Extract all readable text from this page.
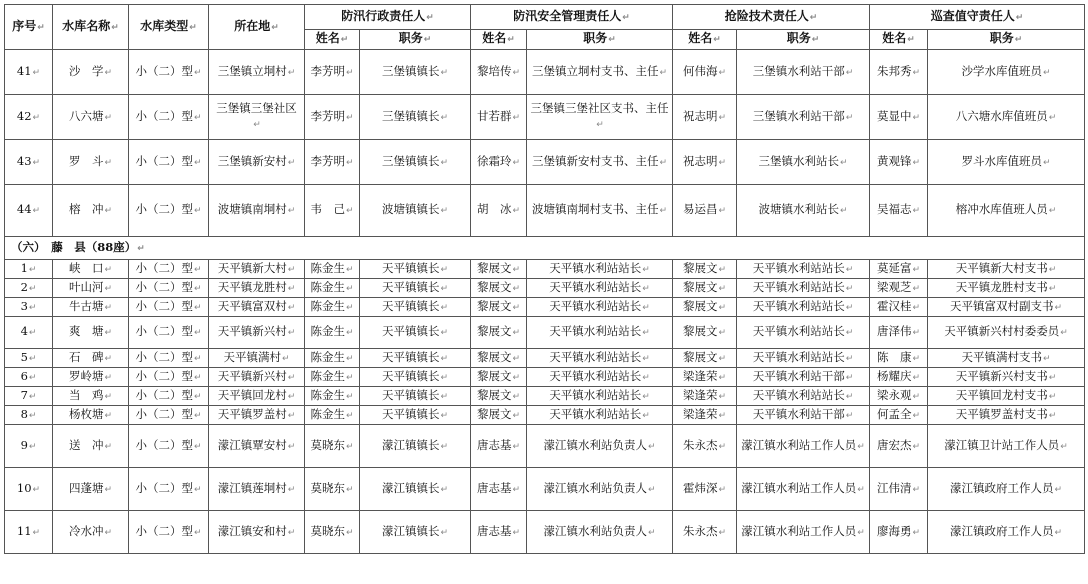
序号↵	水库名称↵	水库类型↵	所在地↵	防汛行政责任人↵		防汛安全管理责任人↵		抢险技术责任人↵		巡查值守责任人↵	
				姓名↵	职务↵	姓名↵	职务↵	姓名↵	职务↵	姓名↵	职务↵
41↵	沙　学↵	小（二）型↵	三堡镇立垌村↵	李芳明↵	三堡镇镇长↵	黎培传↵	三堡镇立垌村支书、主任↵	何伟海↵	三堡镇水利站干部↵	朱邦秀↵	沙学水库值班员↵
42↵	八六塘↵	小（二）型↵	三堡镇三堡社区↵	李芳明↵	三堡镇镇长↵	甘若群↵	三堡镇三堡社区支书、主任↵	祝志明↵	三堡镇水利站干部↵	莫显中↵	八六塘水库值班员↵
43↵	罗　斗↵	小（二）型↵	三堡镇新安村↵	李芳明↵	三堡镇镇长↵	徐霜玲↵	三堡镇新安村支书、主任↵	祝志明↵	三堡镇水利站长↵	黄观锋↵	罗斗水库值班员↵
44↵	榕　冲↵	小（二）型↵	波塘镇南垌村↵	韦　己↵	波塘镇镇长↵	胡　冰↵	波塘镇南垌村支书、主任↵	易运昌↵	波塘镇水利站长↵	吴福志↵	榕冲水库值班人员↵
（六）　藤　县（88座）↵											
1↵	峡　口↵	小（二）型↵	天平镇新大村↵	陈金生↵	天平镇镇长↵	黎展文↵	天平镇水利站站长↵	黎展文↵	天平镇水利站站长↵	莫延富↵	天平镇新大村支书↵
2↵	叶山河↵	小（二）型↵	天平镇龙胜村↵	陈金生↵	天平镇镇长↵	黎展文↵	天平镇水利站站长↵	黎展文↵	天平镇水利站站长↵	梁观芝↵	天平镇龙胜村支书↵
3↵	牛古塘↵	小（二）型↵	天平镇富双村↵	陈金生↵	天平镇镇长↵	黎展文↵	天平镇水利站站长↵	黎展文↵	天平镇水利站站长↵	霍汉桂↵	天平镇富双村副支书↵
4↵	爽　塘↵	小（二）型↵	天平镇新兴村↵	陈金生↵	天平镇镇长↵	黎展文↵	天平镇水利站站长↵	黎展文↵	天平镇水利站站长↵	唐泽伟↵	天平镇新兴村村委委员↵
5↵	石　碑↵	小（二）型↵	天平镇满村↵	陈金生↵	天平镇镇长↵	黎展文↵	天平镇水利站站长↵	黎展文↵	天平镇水利站站长↵	陈　康↵	天平镇满村支书↵
6↵	罗岭塘↵	小（二）型↵	天平镇新兴村↵	陈金生↵	天平镇镇长↵	黎展文↵	天平镇水利站站长↵	梁逢荣↵	天平镇水利站干部↵	杨耀庆↵	天平镇新兴村支书↵
7↵	当　鸡↵	小（二）型↵	天平镇回龙村↵	陈金生↵	天平镇镇长↵	黎展文↵	天平镇水利站站长↵	梁逢荣↵	天平镇水利站站长↵	梁永观↵	天平镇回龙村支书↵
8↵	杨枚塘↵	小（二）型↵	天平镇罗盖村↵	陈金生↵	天平镇镇长↵	黎展文↵	天平镇水利站站长↵	梁逢荣↵	天平镇水利站干部↵	何孟全↵	天平镇罗盖村支书↵
9↵	送　冲↵	小（二）型↵	濛江镇覃安村↵	莫晓东↵	濛江镇镇长↵	唐志基↵	濛江镇水利站负责人↵	朱永杰↵	濛江镇水利站工作人员↵	唐宏杰↵	濛江镇卫计站工作人员↵
10↵	四蓬塘↵	小（二）型↵	濛江镇莲垌村↵	莫晓东↵	濛江镇镇长↵	唐志基↵	濛江镇水利站负责人↵	霍炜深↵	濛江镇水利站工作人员↵	江伟清↵	濛江镇政府工作人员↵
11↵	冷水冲↵	小（二）型↵	濛江镇安和村↵	莫晓东↵	濛江镇镇长↵	唐志基↵	濛江镇水利站负责人↵	朱永杰↵	濛江镇水利站工作人员↵	廖海勇↵	濛江镇政府工作人员↵
